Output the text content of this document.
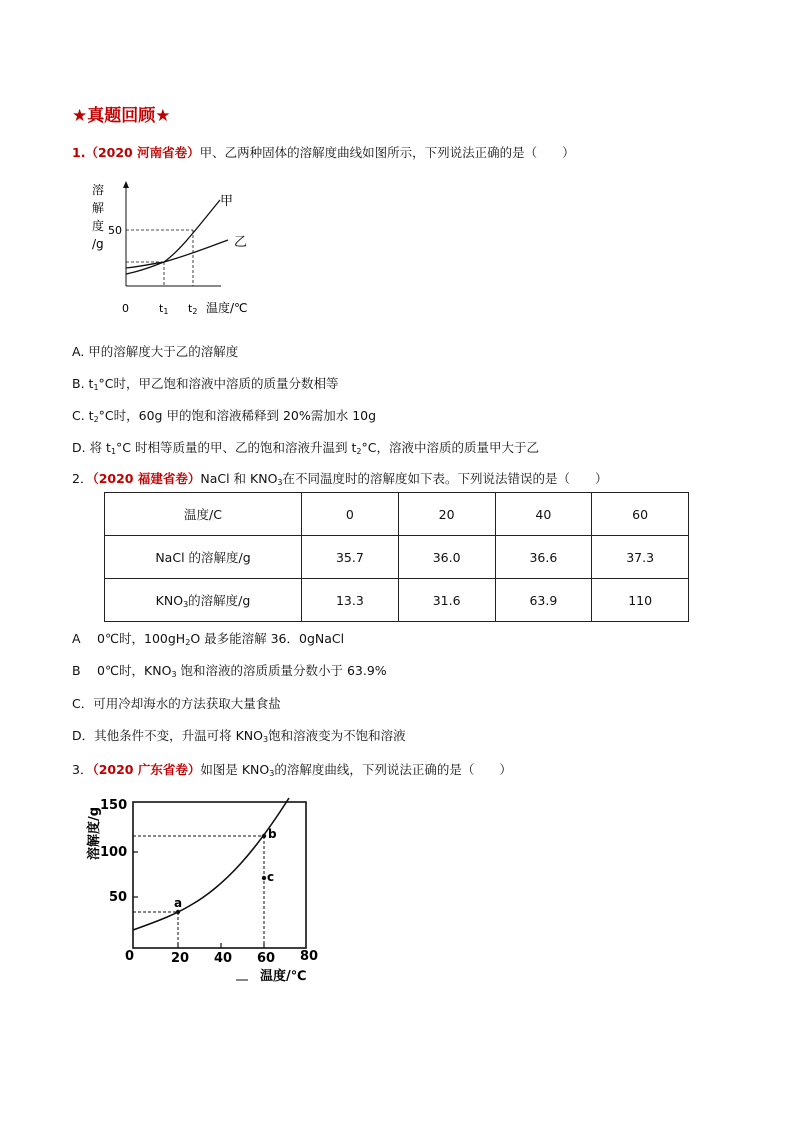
★真题回顾★
1.（2020 河南省卷）甲、乙两种固体的溶解度曲线如图所示，下列说法正确的是（　　）
溶
解
度
/g
50
0	t1 t2 温度/℃
甲
乙
A. 甲的溶解度大于乙的溶解度
B. $t_1^\circ C$时，甲乙饱和溶液中溶质的质量分数相等
C. $t_2^\circ C$时，60g 甲的饱和溶液稀释到 20%需加水 10g
D. 将 $t_1^\circ C$ 时相等质量的甲、乙的饱和溶液升温到 $t_2^\circ C$，溶液中溶质的质量甲大于乙
2．（2020 福建省卷）NaCl 和 $KNO_3$在不同温度时的溶解度如下表。下列说法错误的是（　　）
温度/C	0	20	40	60
NaCl 的溶解度/g	35.7	36.0	36.6	37.3
$KNO_3$的溶解度/g	13.3	31.6	63.9	110
A　 0℃时，$100gH_2O$ 最多能溶解 36．0gNaCl
B　 0℃时，$KNO_3$ 饱和溶液的溶质质量分数小于 63.9%
C．可用冷却海水的方法获取大量食盐
D．其他条件不变，升温可将 $KNO_3$饱和溶液变为不饱和溶液
3．（2020 广东省卷）如图是 $KNO_3$的溶解度曲线，下列说法正确的是（　　）
a
b
c
150
100
50
0	20 40 60 80
溶解度/g
温度/℃
